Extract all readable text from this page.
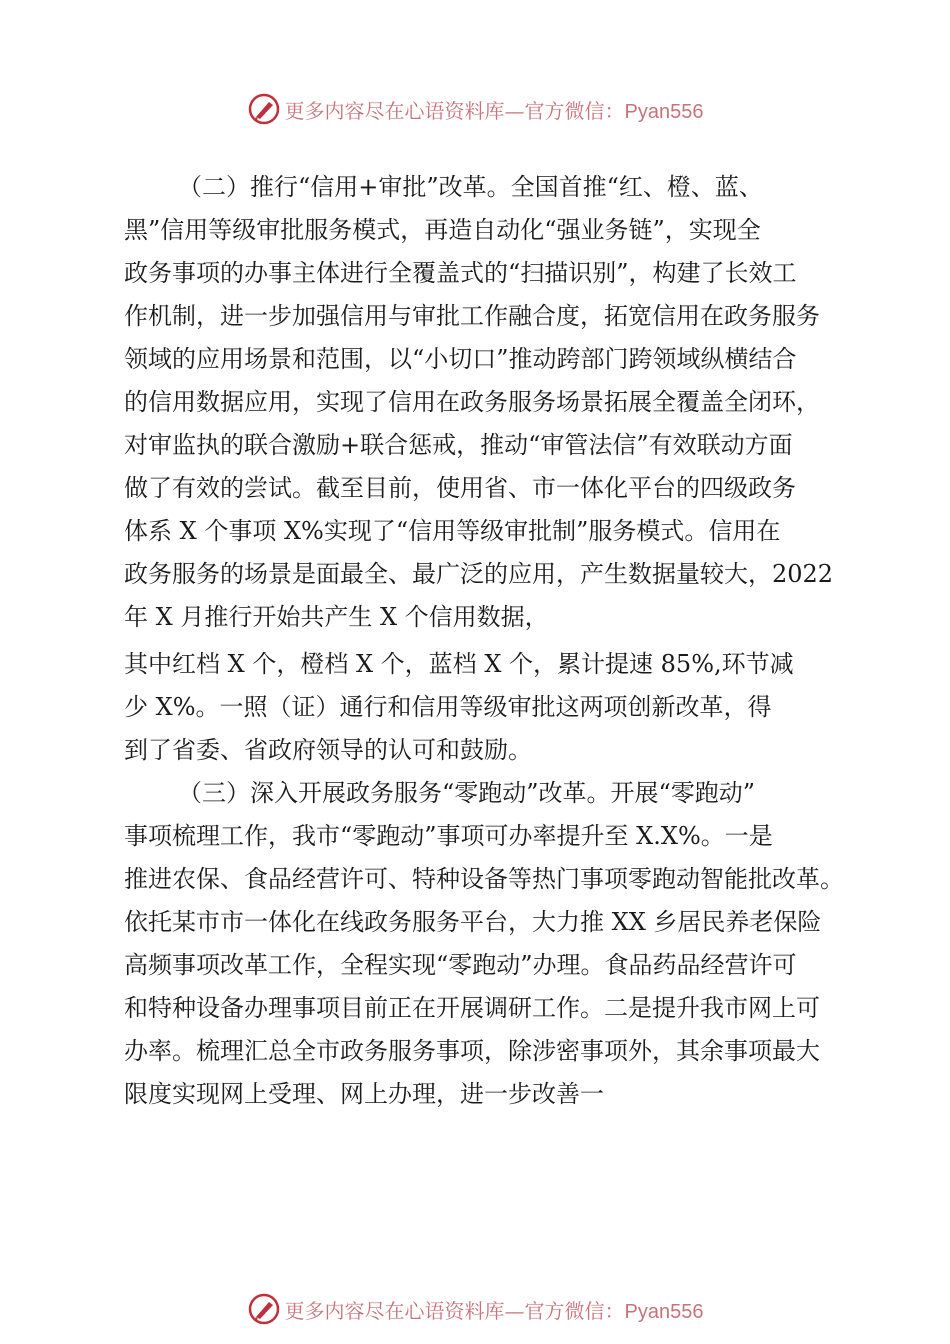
更多内容尽在心语资料库—官方微信：Pyan556
（二）推行“信用+审批”改革。全国首推“红、橙、蓝、
黑”信用等级审批服务模式，再造自动化“强业务链”，实现全
政务事项的办事主体进行全覆盖式的“扫描识别”，构建了长效工
作机制，进一步加强信用与审批工作融合度，拓宽信用在政务服务
领域的应用场景和范围，以“小切口”推动跨部门跨领域纵横结合
的信用数据应用，实现了信用在政务服务场景拓展全覆盖全闭环，
对审监执的联合激励+联合惩戒，推动“审管法信”有效联动方面
做了有效的尝试。截至目前，使用省、市一体化平台的四级政务
体系 X 个事项 X%实现了“信用等级审批制”服务模式。信用在
政务服务的场景是面最全、最广泛的应用，产生数据量较大，2022
年 X 月推行开始共产生 X 个信用数据，
其中红档 X 个，橙档 X 个，蓝档 X 个，累计提速 85%,环节减
少 X%。一照（证）通行和信用等级审批这两项创新改革，得
到了省委、省政府领导的认可和鼓励。
（三）深入开展政务服务“零跑动”改革。开展“零跑动”
事项梳理工作，我市“零跑动”事项可办率提升至 X.X%。一是
推进农保、食品经营许可、特种设备等热门事项零跑动智能批改革。
依托某市市一体化在线政务服务平台，大力推 XX 乡居民养老保险
高频事项改革工作，全程实现“零跑动”办理。食品药品经营许可
和特种设备办理事项目前正在开展调研工作。二是提升我市网上可
办率。梳理汇总全市政务服务事项，除涉密事项外，其余事项最大
限度实现网上受理、网上办理，进一步改善一
更多内容尽在心语资料库—官方微信：Pyan556
